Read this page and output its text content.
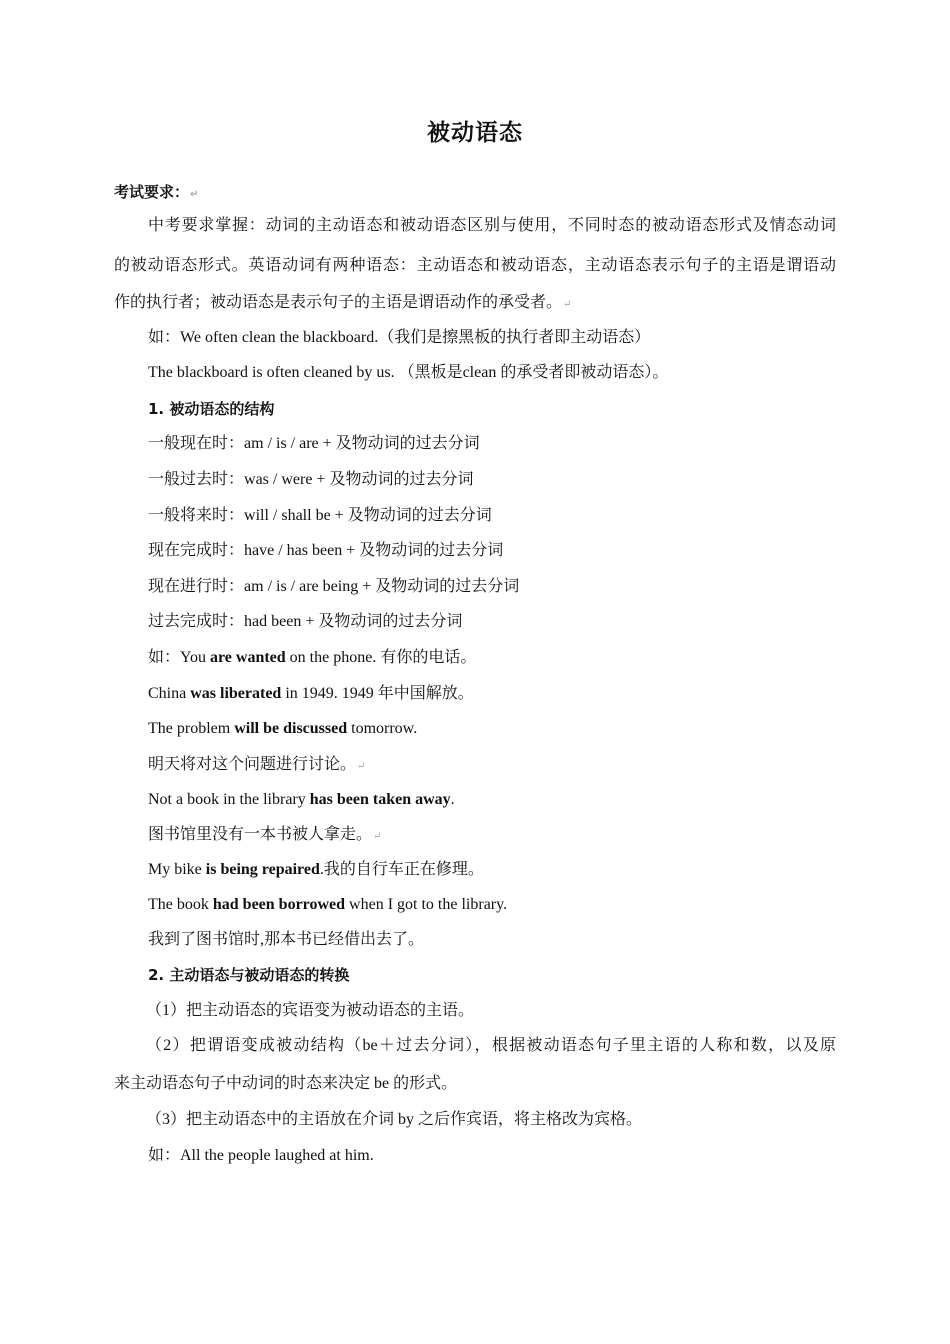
被动语态
考试要求：↵
中考要求掌握：动词的主动语态和被动语态区别与使用，不同时态的被动语态形式及情态动词
的被动语态形式。英语动词有两种语态：主动语态和被动语态，主动语态表示句子的主语是谓语动
作的执行者；被动语态是表示句子的主语是谓语动作的承受者。↵
如：We often clean the blackboard.（我们是擦黑板的执行者即主动语态）
The blackboard is often cleaned by us. （黑板是clean 的承受者即被动语态）。
1. 被动语态的结构
一般现在时：am / is / are + 及物动词的过去分词
一般过去时：was / were + 及物动词的过去分词
一般将来时：will / shall be + 及物动词的过去分词
现在完成时：have / has been + 及物动词的过去分词
现在进行时：am / is / are being + 及物动词的过去分词
过去完成时：had been + 及物动词的过去分词
如：You are wanted on the phone. 有你的电话。
China was liberated in 1949. 1949 年中国解放。
The problem will be discussed tomorrow.
明天将对这个问题进行讨论。↵
Not a book in the library has been taken away.
图书馆里没有一本书被人拿走。↵
My bike is being repaired.我的自行车正在修理。
The book had been borrowed when I got to the library.
我到了图书馆时,那本书已经借出去了。
2. 主动语态与被动语态的转换
（1）把主动语态的宾语变为被动语态的主语。
（2）把谓语变成被动结构（be＋过去分词），根据被动语态句子里主语的人称和数，以及原
来主动语态句子中动词的时态来决定 be 的形式。
（3）把主动语态中的主语放在介词 by 之后作宾语，将主格改为宾格。
如：All the people laughed at him.
